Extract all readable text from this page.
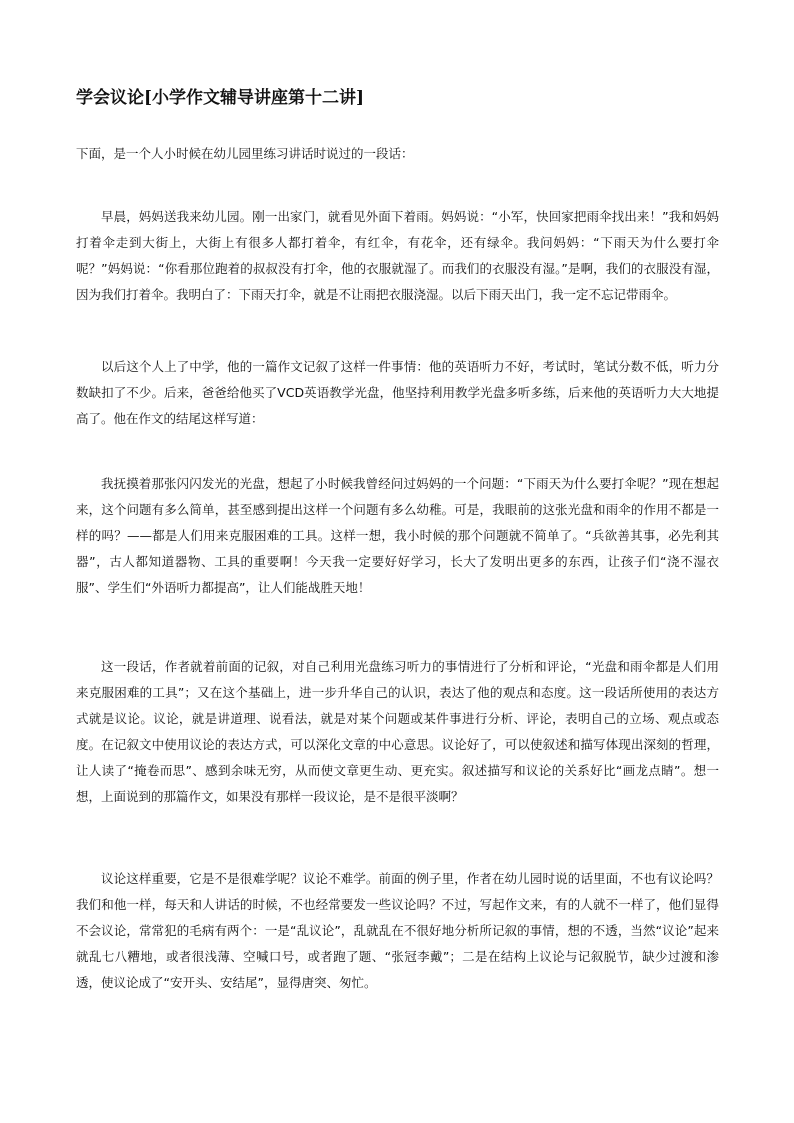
学会议论[小学作文辅导讲座第十二讲]
下面，是一个人小时候在幼儿园里练习讲话时说过的一段话：

早晨，妈妈送我来幼儿园。刚一出家门，就看见外面下着雨。妈妈说：“小军，快回家把雨伞找出来！”我和妈妈打着伞走到大街上，大街上有很多人都打着伞，有红伞，有花伞，还有绿伞。我问妈妈：“下雨天为什么要打伞呢？”妈妈说：“你看那位跑着的叔叔没有打伞，他的衣服就湿了。而我们的衣服没有湿。”是啊，我们的衣服没有湿，因为我们打着伞。我明白了：下雨天打伞，就是不让雨把衣服浇湿。以后下雨天出门，我一定不忘记带雨伞。

以后这个人上了中学，他的一篇作文记叙了这样一件事情：他的英语听力不好，考试时，笔试分数不低，听力分数缺扣了不少。后来，爸爸给他买了VCD英语教学光盘，他坚持利用教学光盘多听多练，后来他的英语听力大大地提高了。他在作文的结尾这样写道：

我抚摸着那张闪闪发光的光盘，想起了小时候我曾经问过妈妈的一个问题：“下雨天为什么要打伞呢？”现在想起来，这个问题有多么简单，甚至感到提出这样一个问题有多么幼稚。可是，我眼前的这张光盘和雨伞的作用不都是一样的吗？——都是人们用来克服困难的工具。这样一想，我小时候的那个问题就不简单了。“兵欲善其事，必先利其器”，古人都知道器物、工具的重要啊！今天我一定要好好学习，长大了发明出更多的东西，让孩子们“浇不湿衣服”、学生们“外语听力都提高”，让人们能战胜天地！

这一段话，作者就着前面的记叙，对自己利用光盘练习听力的事情进行了分析和评论，“光盘和雨伞都是人们用来克服困难的工具”；又在这个基础上，进一步升华自己的认识，表达了他的观点和态度。这一段话所使用的表达方式就是议论。议论，就是讲道理、说看法，就是对某个问题或某件事进行分析、评论，表明自己的立场、观点或态度。在记叙文中使用议论的表达方式，可以深化文章的中心意思。议论好了，可以使叙述和描写体现出深刻的哲理，让人读了“掩卷而思”、感到余味无穷，从而使文章更生动、更充实。叙述描写和议论的关系好比“画龙点睛”。想一想，上面说到的那篇作文，如果没有那样一段议论，是不是很平淡啊？

议论这样重要，它是不是很难学呢？议论不难学。前面的例子里，作者在幼儿园时说的话里面，不也有议论吗？我们和他一样，每天和人讲话的时候，不也经常要发一些议论吗？不过，写起作文来，有的人就不一样了，他们显得不会议论，常常犯的毛病有两个：一是“乱议论”，乱就乱在不很好地分析所记叙的事情，想的不透，当然“议论”起来就乱七八糟地，或者很浅薄、空喊口号，或者跑了题、“张冠李戴”；二是在结构上议论与记叙脱节，缺少过渡和渗透，使议论成了“安开头、安结尾”，显得唐突、匆忙。
